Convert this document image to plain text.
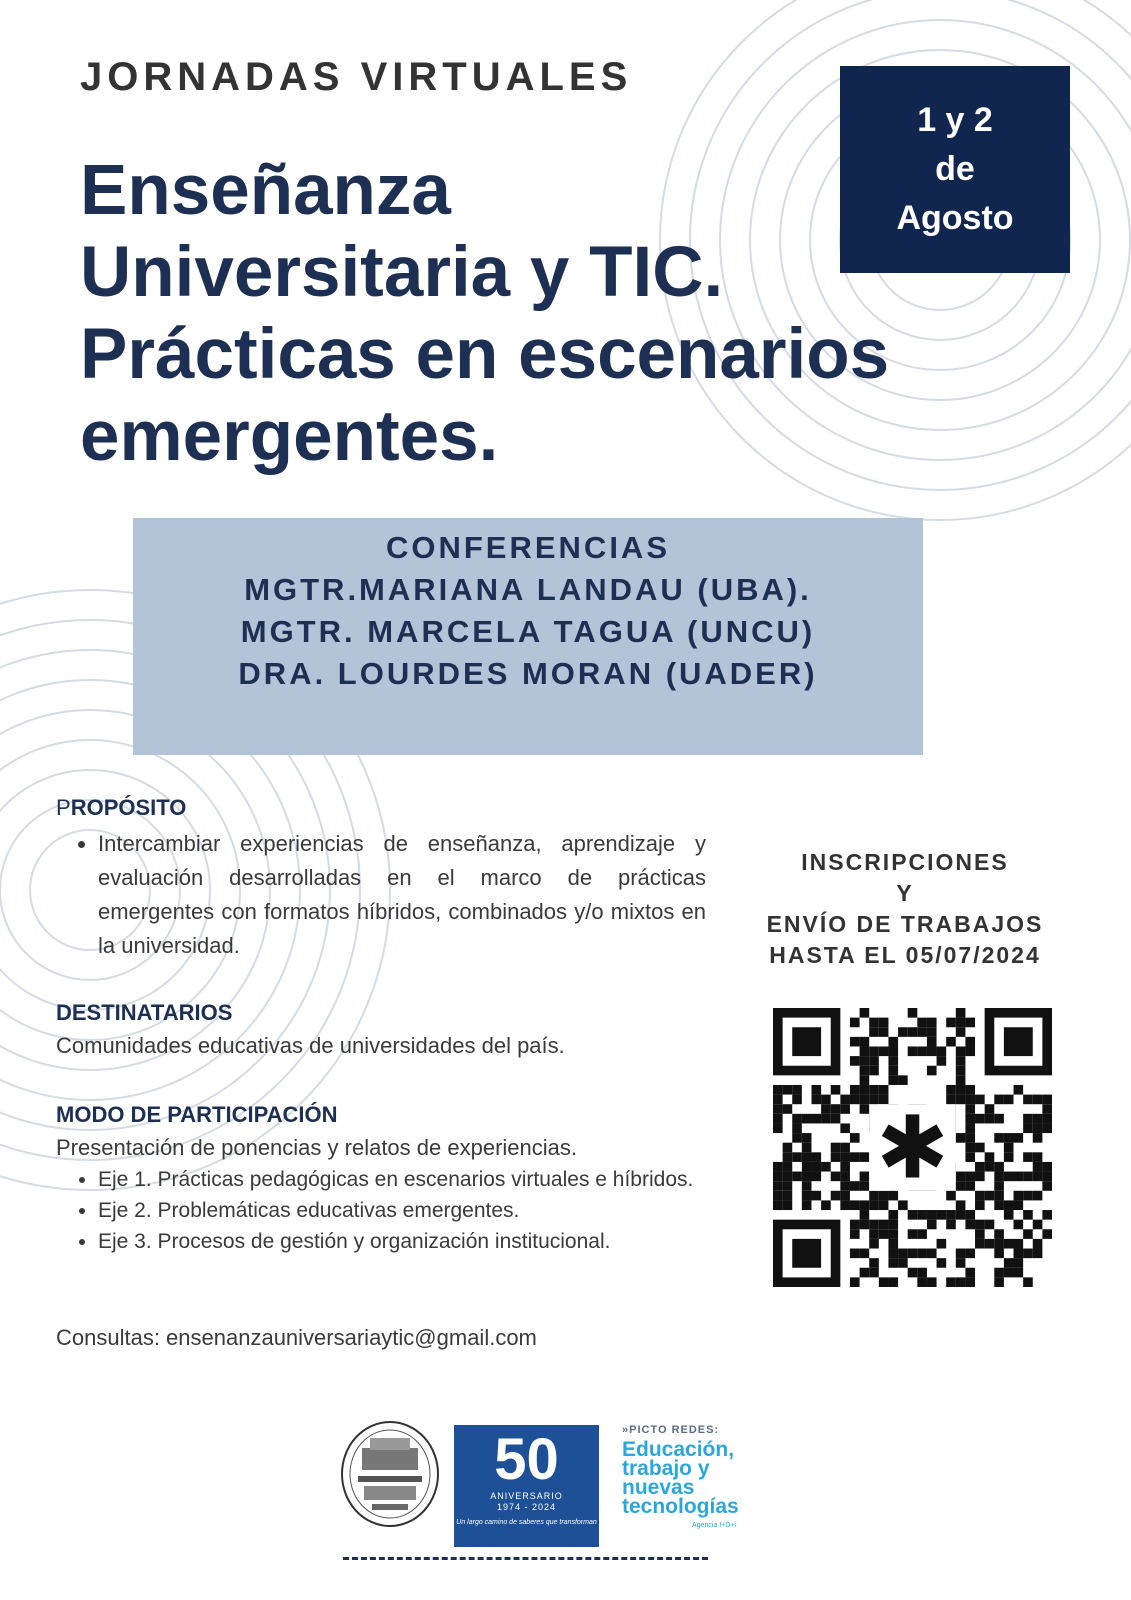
JORNADAS VIRTUALES
Enseñanza
Universitaria y TIC.
Prácticas en escenarios
emergentes.
1 y 2
de
Agosto
CONFERENCIAS
MGTR.MARIANA LANDAU (UBA).
MGTR. MARCELA TAGUA (UNCU)
DRA. LOURDES MORAN (UADER)
PROPÓSITO
• Intercambiar experiencias de enseñanza, aprendizaje y evaluación desarrolladas en el marco de prácticas emergentes con formatos híbridos, combinados y/o mixtos en la universidad.
DESTINATARIOS
Comunidades educativas de universidades del país.
MODO DE PARTICIPACIÓN
Presentación de ponencias y relatos de experiencias.
• Eje 1. Prácticas pedagógicas en escenarios virtuales e híbridos.
• Eje 2. Problemáticas educativas emergentes.
• Eje 3. Procesos de gestión y organización institucional.
INSCRIPCIONES
Y
ENVÍO DE TRABAJOS
HASTA EL 05/07/2024
✱
Consultas: ensenanzauniversariaytic@gmail.com
50
ANIVERSARIO
1974 - 2024
Un largo camino de saberes que transforman
»PICTO REDES:
Educación,
trabajo y
nuevas
tecnologías
Agencia I+D+i
